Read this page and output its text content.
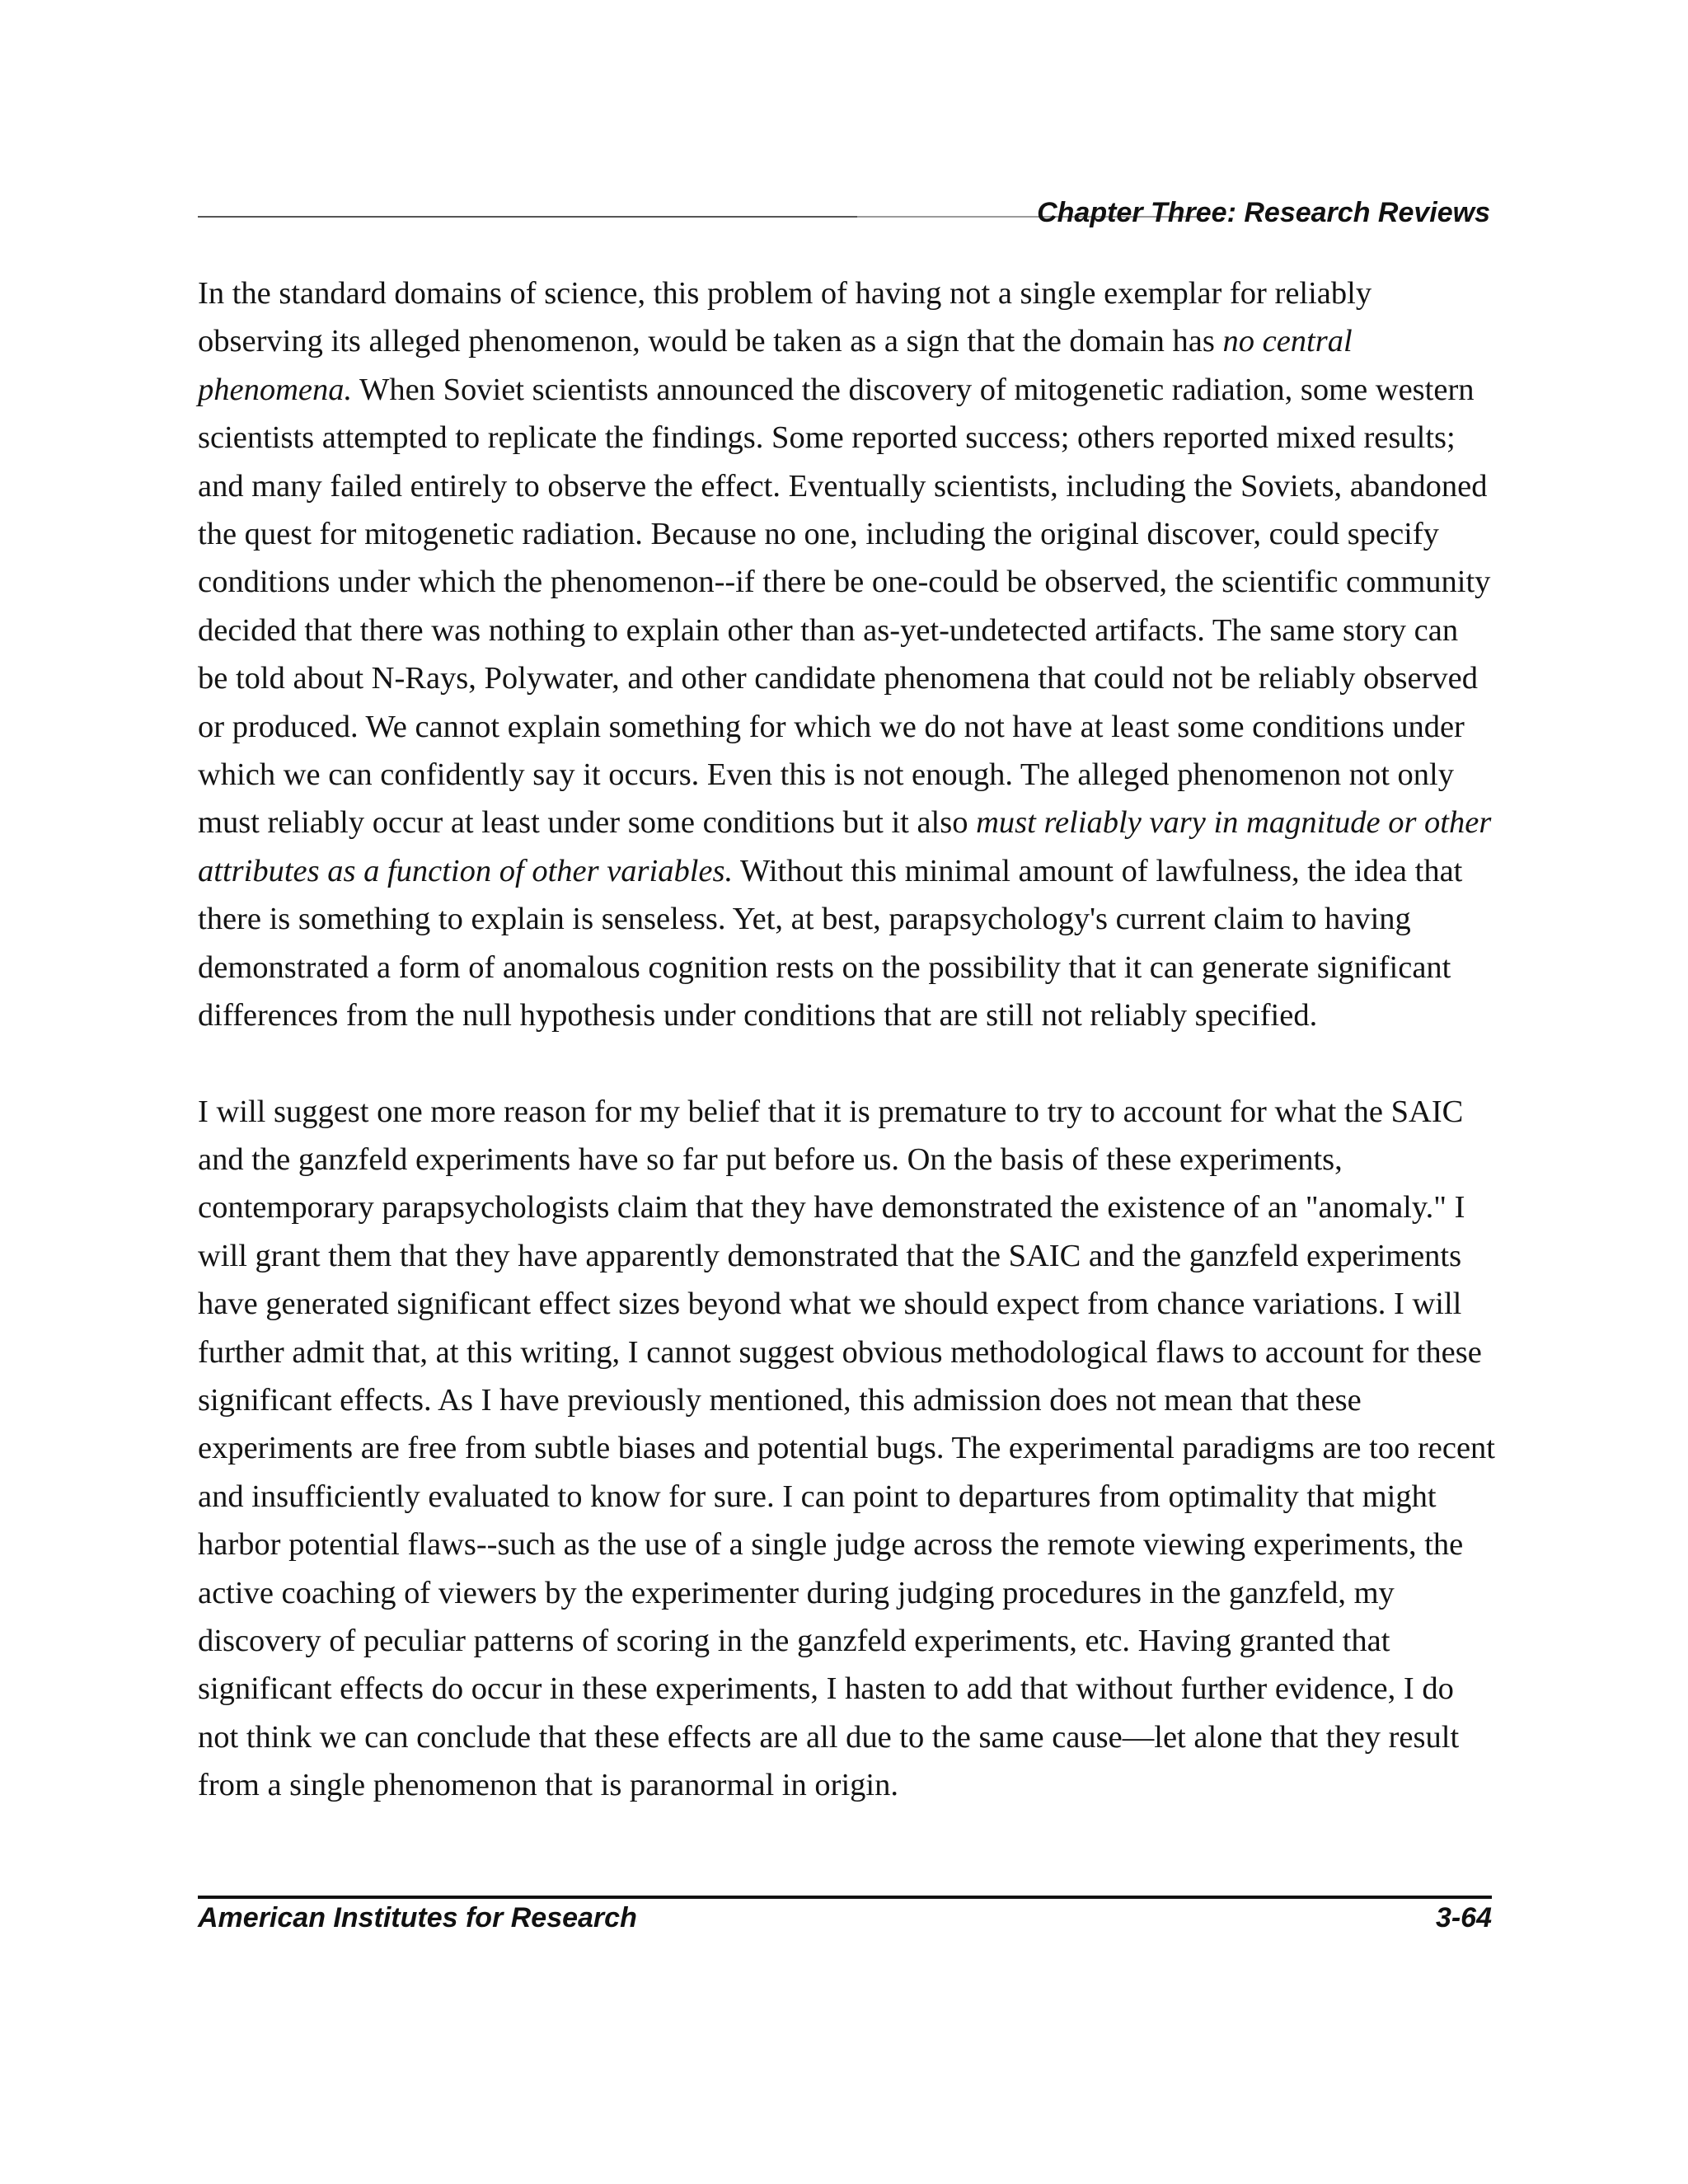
Chapter Three: Research Reviews

In the standard domains of science, this problem of having not a single exemplar for reliably observing its alleged phenomenon, would be taken as a sign that the domain has no central phenomena. When Soviet scientists announced the discovery of mitogenetic radiation, some western scientists attempted to replicate the findings. Some reported success; others reported mixed results; and many failed entirely to observe the effect. Eventually scientists, including the Soviets, abandoned the quest for mitogenetic radiation. Because no one, including the original discover, could specify conditions under which the phenomenon--if there be one-could be observed, the scientific community decided that there was nothing to explain other than as-yet-undetected artifacts. The same story can be told about N-Rays, Polywater, and other candidate phenomena that could not be reliably observed or produced. We cannot explain something for which we do not have at least some conditions under which we can confidently say it occurs. Even this is not enough. The alleged phenomenon not only must reliably occur at least under some conditions but it also must reliably vary in magnitude or other attributes as a function of other variables. Without this minimal amount of lawfulness, the idea that there is something to explain is senseless. Yet, at best, parapsychology's current claim to having demonstrated a form of anomalous cognition rests on the possibility that it can generate significant differences from the null hypothesis under conditions that are still not reliably specified.

I will suggest one more reason for my belief that it is premature to try to account for what the SAIC and the ganzfeld experiments have so far put before us. On the basis of these experiments, contemporary parapsychologists claim that they have demonstrated the existence of an "anomaly." I will grant them that they have apparently demonstrated that the SAIC and the ganzfeld experiments have generated significant effect sizes beyond what we should expect from chance variations. I will further admit that, at this writing, I cannot suggest obvious methodological flaws to account for these significant effects. As I have previously mentioned, this admission does not mean that these experiments are free from subtle biases and potential bugs. The experimental paradigms are too recent and insufficiently evaluated to know for sure. I can point to departures from optimality that might harbor potential flaws--such as the use of a single judge across the remote viewing experiments, the active coaching of viewers by the experimenter during judging procedures in the ganzfeld, my discovery of peculiar patterns of scoring in the ganzfeld experiments, etc. Having granted that significant effects do occur in these experiments, I hasten to add that without further evidence, I do not think we can conclude that these effects are all due to the same cause—let alone that they result from a single phenomenon that is paranormal in origin.

American Institutes for Research	3-64
